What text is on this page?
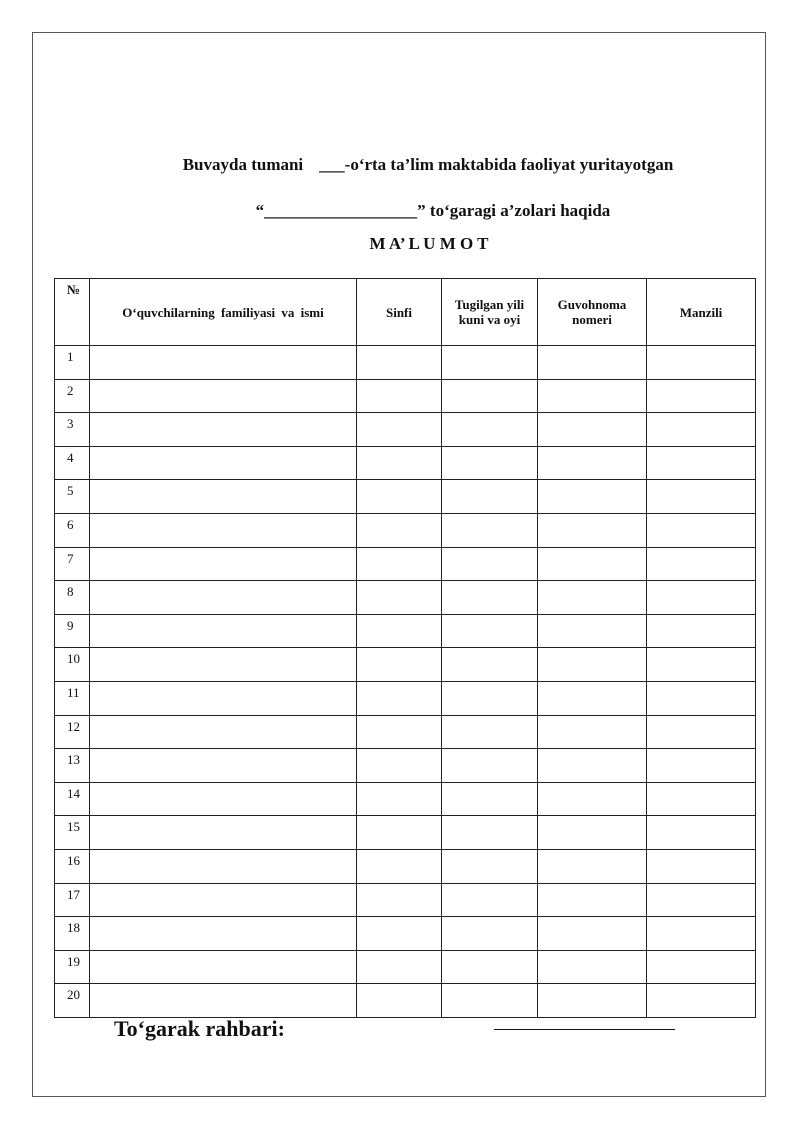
Buvayda tumani ___-o‘rta ta’lim maktabida faoliyat yuritayotgan
“__________________” to‘garagi a’zolari haqida
M A’ L U M O T
№	O‘quvchilarning familiyasi va ismi	Sinfi	Tugilgan yili kuni va oyi	Guvohnoma nomeri	Manzili
1					
2					
3					
4					
5					
6					
7					
8					
9					
10					
11					
12					
13					
14					
15					
16					
17					
18					
19					
20					
To‘garak rahbari:
